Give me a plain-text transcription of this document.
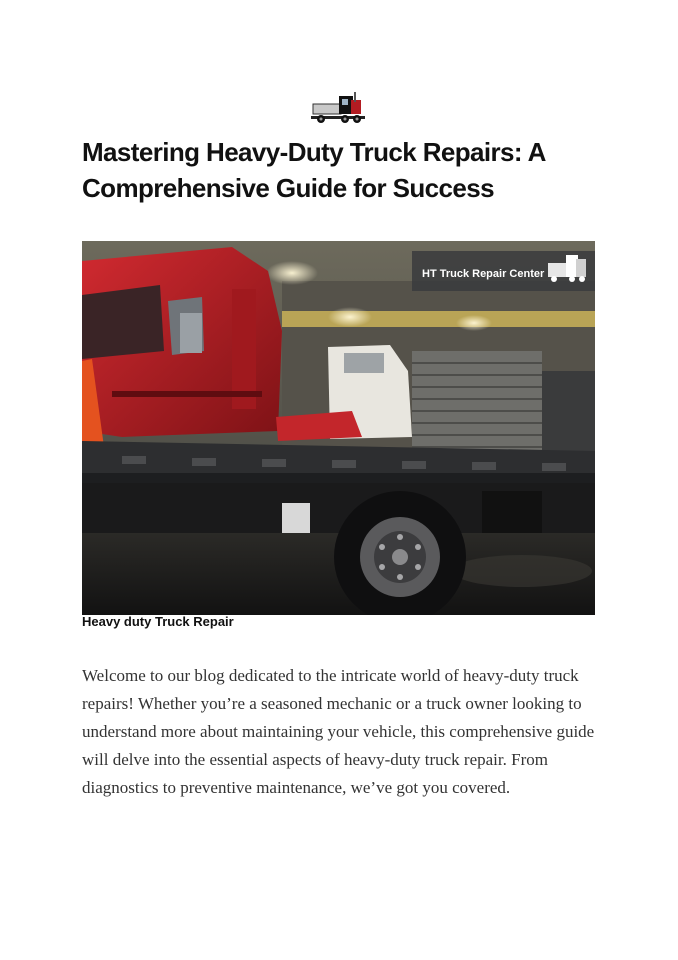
Mastering Heavy-Duty Truck Repairs: A
Comprehensive Guide for Success
HT Truck Repair Center
Heavy duty Truck Repair

Welcome to our blog dedicated to the intricate world of heavy-duty truck repairs! Whether you’re a seasoned mechanic or a truck owner looking to understand more about maintaining your vehicle, this comprehensive guide will delve into the essential aspects of heavy-duty truck repair. From diagnostics to preventive maintenance, we’ve got you covered.
